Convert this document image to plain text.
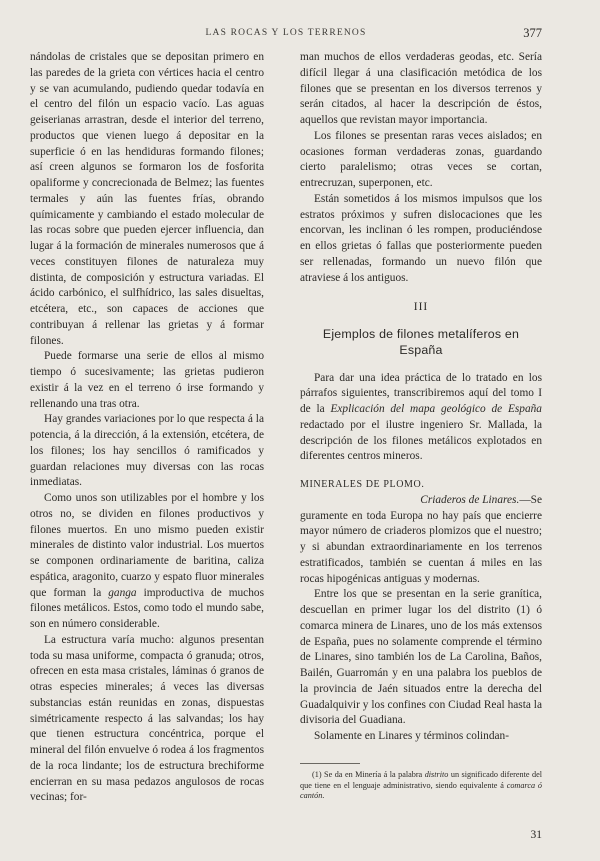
LAS ROCAS Y LOS TERRENOS	377

nándolas de cristales que se depositan primero en las paredes de la grieta con vértices hacia el centro y se van acumulando, pudiendo quedar todavía en el centro del filón un espacio vacío. Las aguas geiserianas arrastran, desde el interior del terreno, productos que vienen luego á depositar en la superficie ó en las hendiduras formando filones; así creen algunos se formaron los de fosforita opaliforme y concrecionada de Belmez; las fuentes termales y aún las fuentes frías, obrando químicamente y cambiando el estado molecular de las rocas sobre que pueden ejercer influencia, dan lugar á la formación de minerales numerosos que á veces constituyen filones de naturaleza muy distinta, de composición y estructura variadas. El ácido carbónico, el sulfhídrico, las sales disueltas, etcétera, etc., son capaces de acciones que contribuyan á rellenar las grietas y á formar filones.

Puede formarse una serie de ellos al mismo tiempo ó sucesivamente; las grietas pudieron existir á la vez en el terreno ó irse formando y rellenando una tras otra.

Hay grandes variaciones por lo que respecta á la potencia, á la dirección, á la extensión, etcétera, de los filones; los hay sencillos ó ramificados y guardan relaciones muy diversas con las rocas inmediatas.

Como unos son utilizables por el hombre y los otros no, se dividen en filones productivos y filones muertos. En uno mismo pueden existir minerales de distinto valor industrial. Los muertos se componen ordinariamente de baritina, caliza espática, aragonito, cuarzo y espato fluor minerales que forman la ganga improductiva de muchos filones metálicos. Estos, como todo el mundo sabe, son en número considerable.

La estructura varía mucho: algunos presentan toda su masa uniforme, compacta ó granuda; otros, ofrecen en esta masa cristales, láminas ó granos de otras especies minerales; á veces las diversas substancias están reunidas en zonas, dispuestas simétricamente respecto á las salvandas; los hay que tienen estructura concéntrica, porque el mineral del filón envuelve ó rodea á los fragmentos de la roca lindante; los de estructura brechiforme encierran en su masa pedazos angulosos de rocas vecinas; for-

man muchos de ellos verdaderas geodas, etc. Sería difícil llegar á una clasificación metódica de los filones que se presentan en los diversos terrenos y serán citados, al hacer la descripción de éstos, aquellos que revistan mayor importancia.

Los filones se presentan raras veces aislados; en ocasiones forman verdaderas zonas, guardando cierto paralelismo; otras veces se cortan, entrecruzan, superponen, etc.

Están sometidos á los mismos impulsos que los estratos próximos y sufren dislocaciones que les encorvan, les inclinan ó les rompen, produciéndose en ellos grietas ó fallas que posteriormente pueden ser rellenadas, formando un nuevo filón que atraviese á los antiguos.

III
Ejemplos de filones metalíferos en España

Para dar una idea práctica de lo tratado en los párrafos siguientes, transcribiremos aquí del tomo I de la Explicación del mapa geológico de España redactado por el ilustre ingeniero Sr. Mallada, la descripción de los filones metálicos explotados en diferentes centros mineros.

MINERALES DE PLOMO.
Criaderos de Linares.—Se

guramente en toda Europa no hay país que encierre mayor número de criaderos plomizos que el nuestro; y si abundan extraordinariamente en los terrenos estratificados, también se cuentan á miles en las rocas hipogénicas antiguas y modernas.

Entre los que se presentan en la serie granítica, descuellan en primer lugar los del distrito (1) ó comarca minera de Linares, uno de los más extensos de España, pues no solamente comprende el término de Linares, sino también los de La Carolina, Baños, Bailén, Guarromán y en una palabra los pueblos de la provincia de Jaén situados entre la derecha del Guadalquivir y los confines con Ciudad Real hasta la divisoria del Guadiana.

Solamente en Linares y términos colindan-

(1) Se da en Minería á la palabra distrito un significado diferente del que tiene en el lenguaje administrativo, siendo equivalente á comarca ó cantón.

31
